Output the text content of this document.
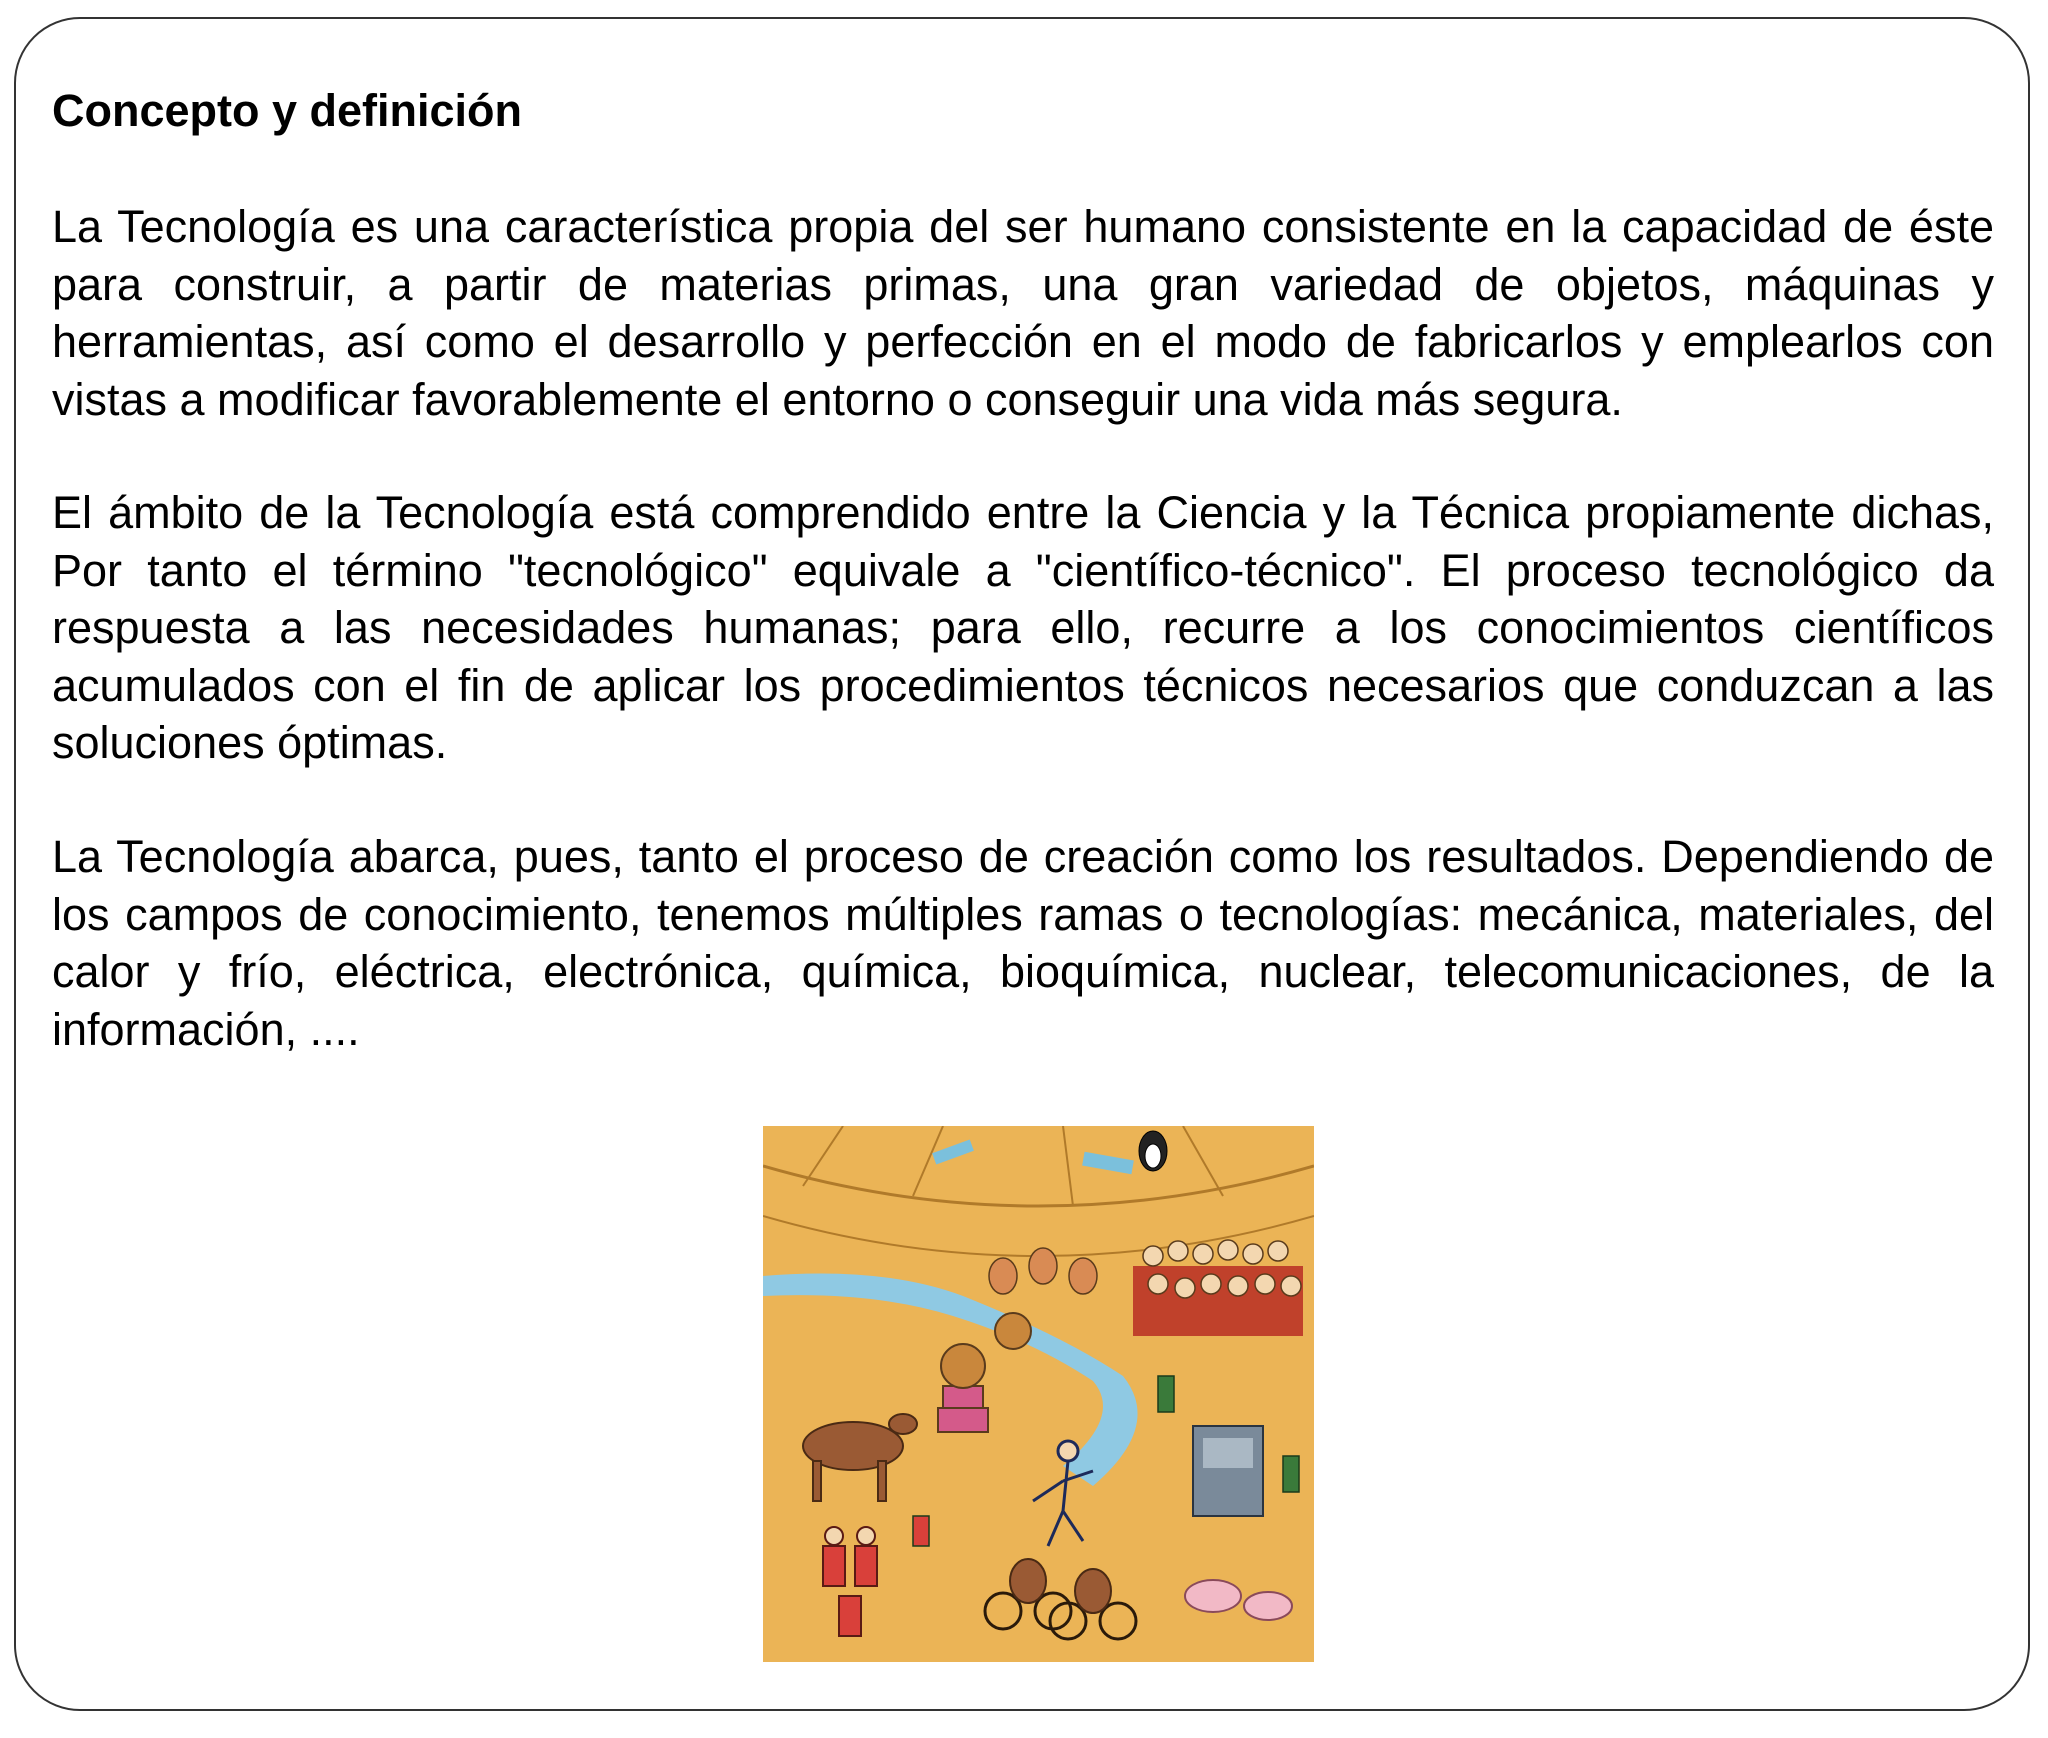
Concepto y definición

La Tecnología es una característica propia del ser humano consistente en la capacidad de éste para construir, a partir de materias primas, una gran variedad de objetos, máquinas y herramientas, así como el desarrollo y perfección en el modo de fabricarlos y emplearlos con vistas a modificar favorablemente el entorno o conseguir una vida más segura.

El ámbito de la Tecnología está comprendido entre la Ciencia y la Técnica propiamente dichas, Por tanto el término "tecnológico" equivale a "científico-técnico". El proceso tecnológico da respuesta a las necesidades humanas; para ello, recurre a los conocimientos científicos acumulados con el fin de aplicar los procedimientos técnicos necesarios que conduzcan a las soluciones óptimas.

La Tecnología abarca, pues, tanto el proceso de creación como los resultados. Dependiendo de los campos de conocimiento, tenemos múltiples ramas o tecnologías: mecánica, materiales, del calor y frío, eléctrica, electrónica, química, bioquímica, nuclear, telecomunicaciones, de la información, ....
